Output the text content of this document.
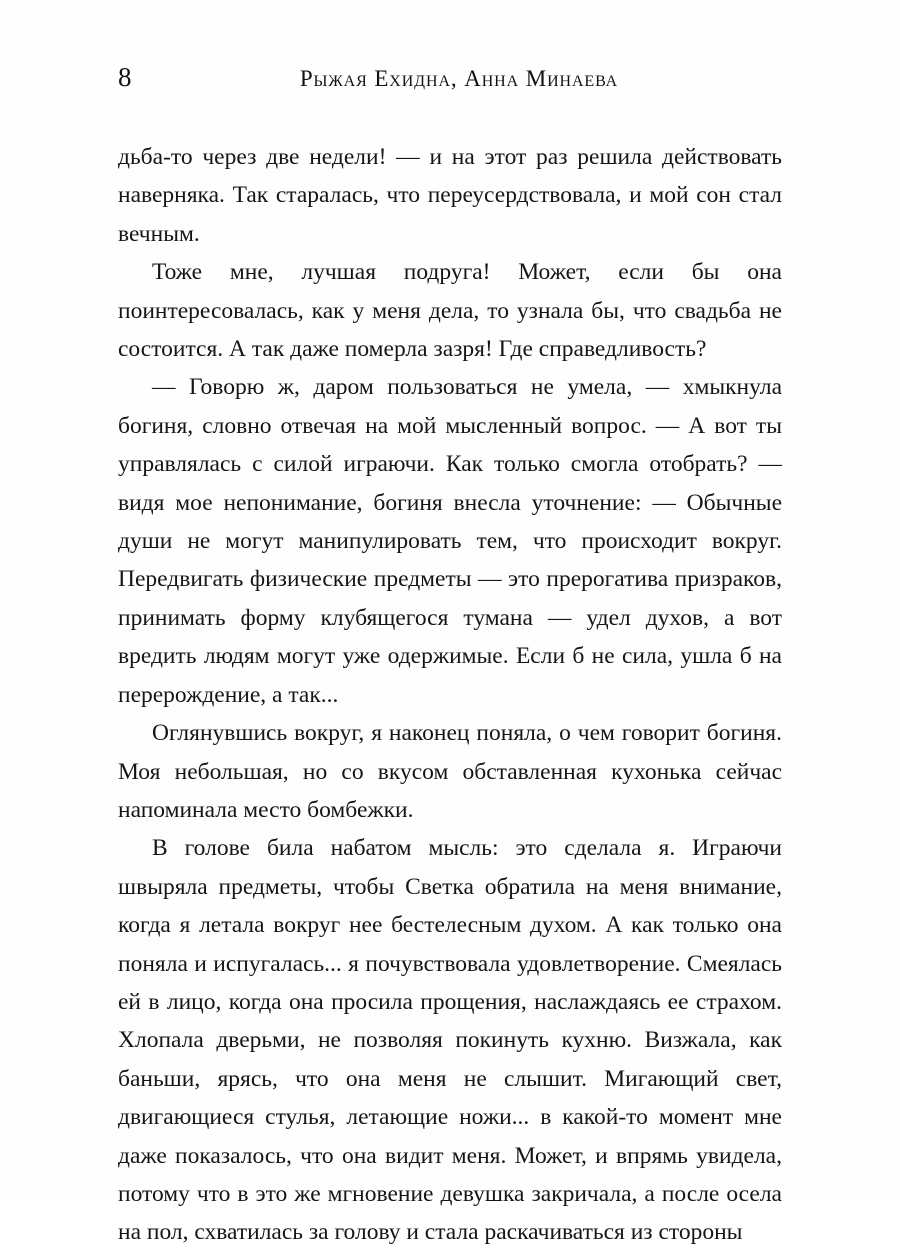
8	Рыжая Ехидна, Анна Минаева

дьба-то через две недели! — и на этот раз решила действовать наверняка. Так старалась, что переусердствовала, и мой сон стал вечным.

Тоже мне, лучшая подруга! Может, если бы она поинтересовалась, как у меня дела, то узнала бы, что свадьба не состоится. А так даже померла зазря! Где справедливость?

— Говорю ж, даром пользоваться не умела, — хмыкнула богиня, словно отвечая на мой мысленный вопрос. — А вот ты управлялась с силой играючи. Как только смогла отобрать? — видя мое непонимание, богиня внесла уточнение: — Обычные души не могут манипулировать тем, что происходит вокруг. Передвигать физические предметы — это прерогатива призраков, принимать форму клубящегося тумана — удел духов, а вот вредить людям могут уже одержимые. Если б не сила, ушла б на перерождение, а так...

Оглянувшись вокруг, я наконец поняла, о чем говорит богиня. Моя небольшая, но со вкусом обставленная кухонька сейчас напоминала место бомбежки.

В голове била набатом мысль: это сделала я. Играючи швыряла предметы, чтобы Светка обратила на меня внимание, когда я летала вокруг нее бестелесным духом. А как только она поняла и испугалась... я почувствовала удовлетворение. Смеялась ей в лицо, когда она просила прощения, наслаждаясь ее страхом. Хлопала дверьми, не позволяя покинуть кухню. Визжала, как баньши, ярясь, что она меня не слышит. Мигающий свет, двигающиеся стулья, летающие ножи... в какой-то момент мне даже показалось, что она видит меня. Может, и впрямь увидела, потому что в это же мгновение девушка закричала, а после осела на пол, схватилась за голову и стала раскачиваться из стороны
